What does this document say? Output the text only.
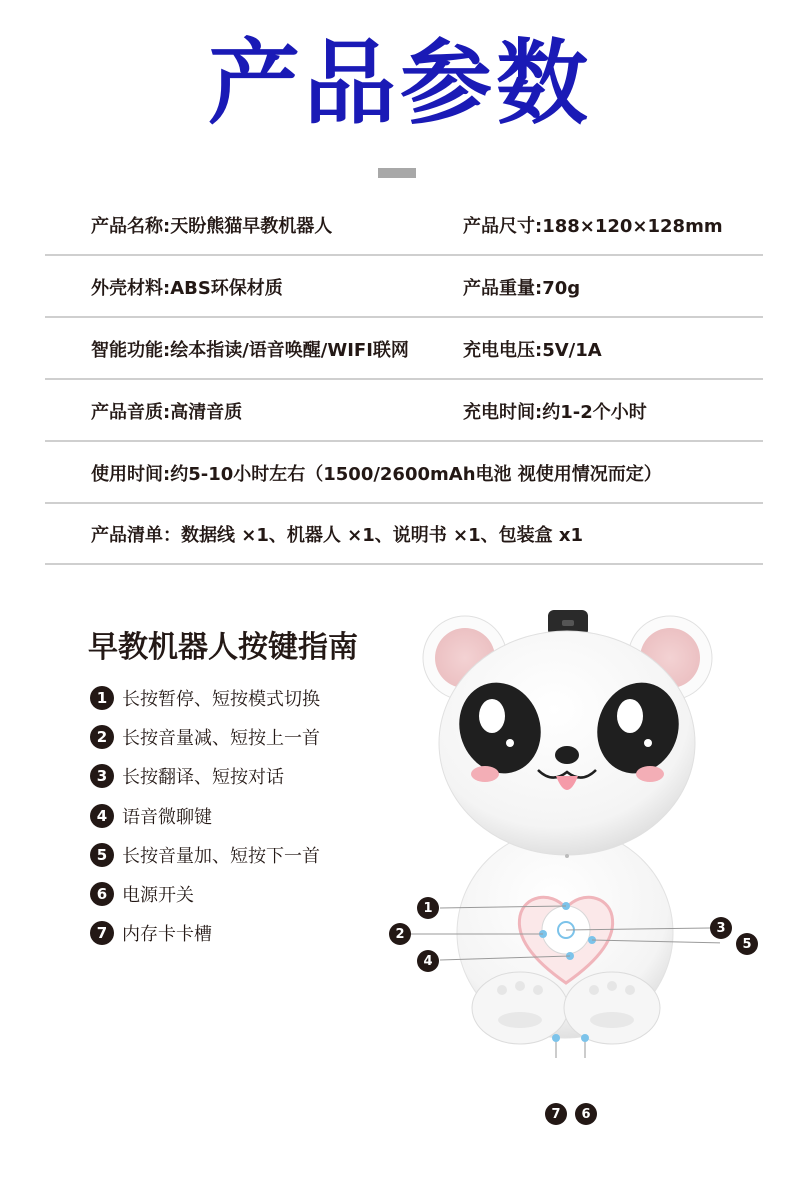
产品参数
产品名称:天盼熊猫早教机器人	产品尺寸:188×120×128mm
外壳材料:ABS环保材质	产品重量:70g
智能功能:绘本指读/语音唤醒/WIFI联网	充电电压:5V/1A
产品音质:高清音质	充电时间:约1-2个小时
使用时间:约5-10小时左右（1500/2600mAh电池 视使用情况而定）
产品清单：数据线 ×1、机器人 ×1、说明书 ×1、包装盒 x1
早教机器人按键指南
1 长按暂停、短按模式切换
2 长按音量减、短按上一首
3 长按翻译、短按对话
4 语音微聊键
5 长按音量加、短按下一首
6 电源开关
7 内存卡卡槽
1
2	3
4
5
7	6
